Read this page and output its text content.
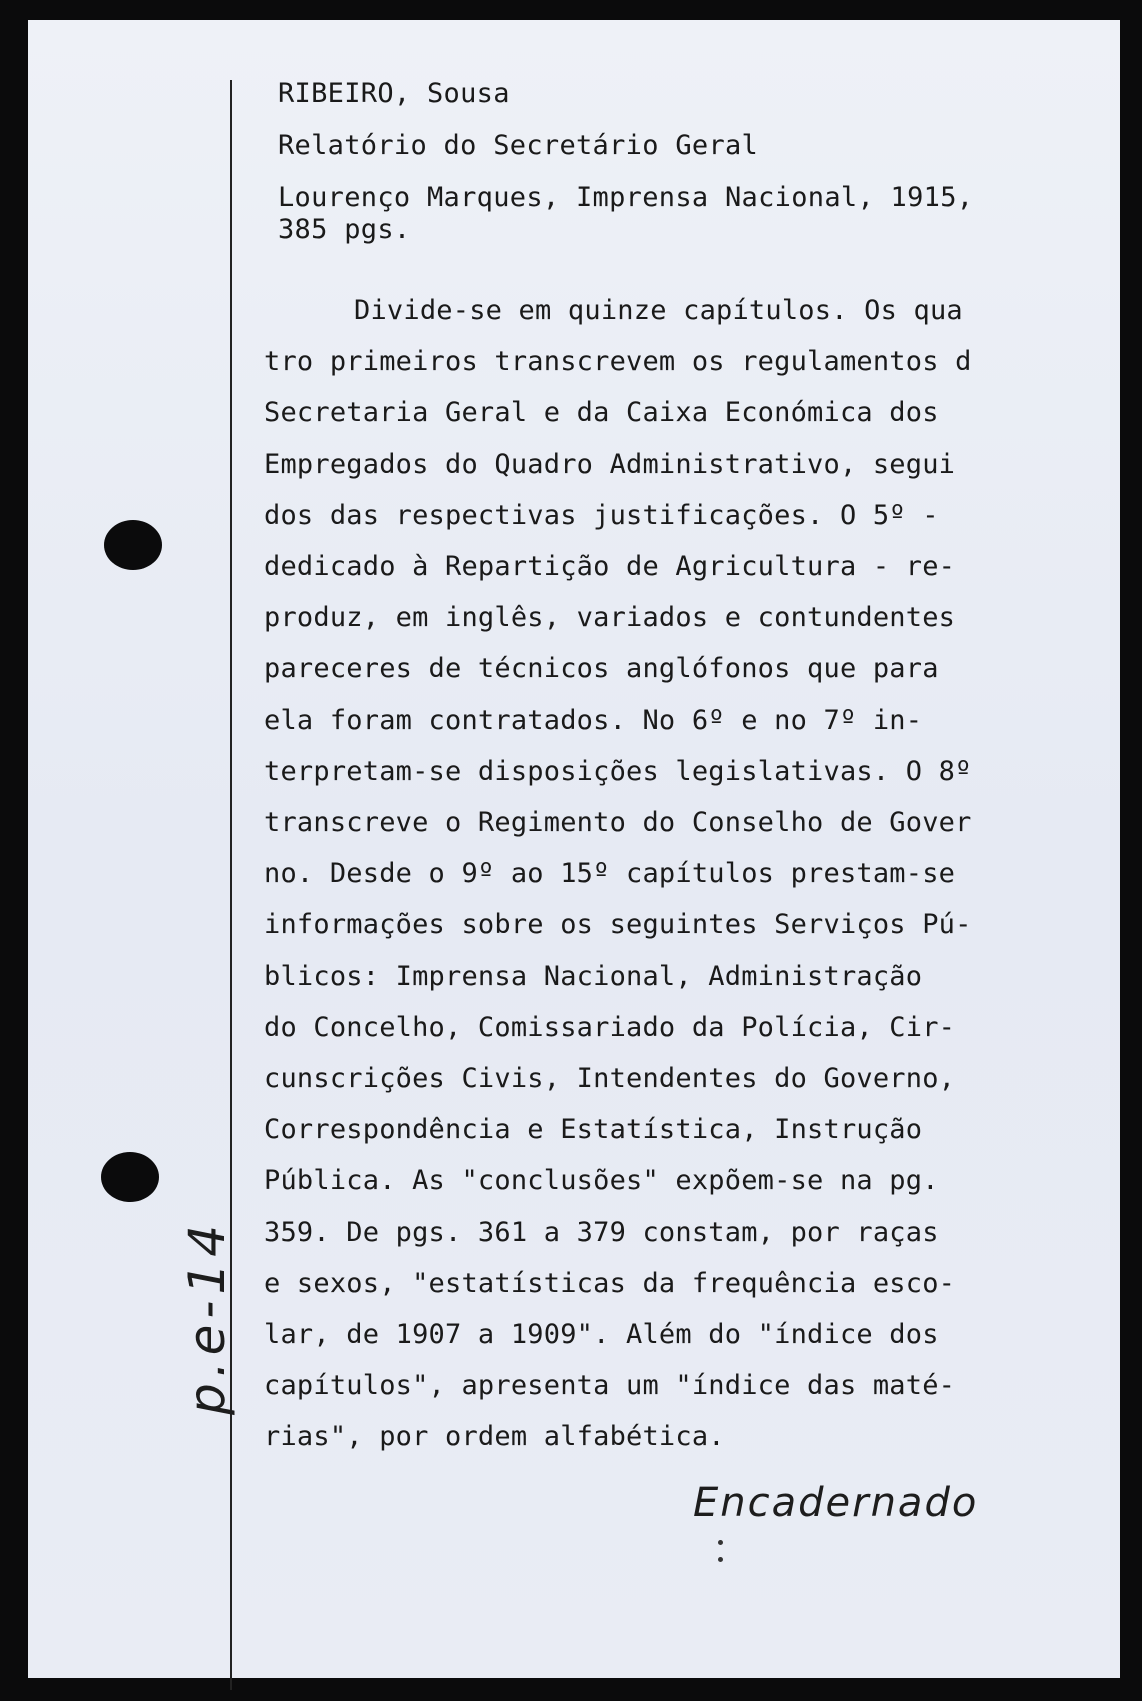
RIBEIRO, Sousa
Relatório do Secretário Geral
Lourenço Marques, Imprensa Nacional, 1915,
385 pgs.
Divide-se em quinze capítulos. Os qua
tro primeiros transcrevem os regulamentos d
Secretaria Geral e da Caixa Económica dos
Empregados do Quadro Administrativo, segui
dos das respectivas justificações. O 5º -
dedicado à Repartição de Agricultura - re-
produz, em inglês, variados e contundentes
pareceres de técnicos anglófonos que para
ela foram contratados. No 6º e no 7º in-
terpretam-se disposições legislativas. O 8º
transcreve o Regimento do Conselho de Gover
no. Desde o 9º ao 15º capítulos prestam-se
informações sobre os seguintes Serviços Pú-
blicos: Imprensa Nacional, Administração
do Concelho, Comissariado da Polícia, Cir-
cunscrições Civis, Intendentes do Governo,
Correspondência e Estatística, Instrução
Pública. As "conclusões" expõem-se na pg.
359. De pgs. 361 a 379 constam, por raças
e sexos, "estatísticas da frequência esco-
lar, de 1907 a 1909". Além do "índice dos
capítulos", apresenta um "índice das maté-
rias", por ordem alfabética.
Encadernado
p.e-14
